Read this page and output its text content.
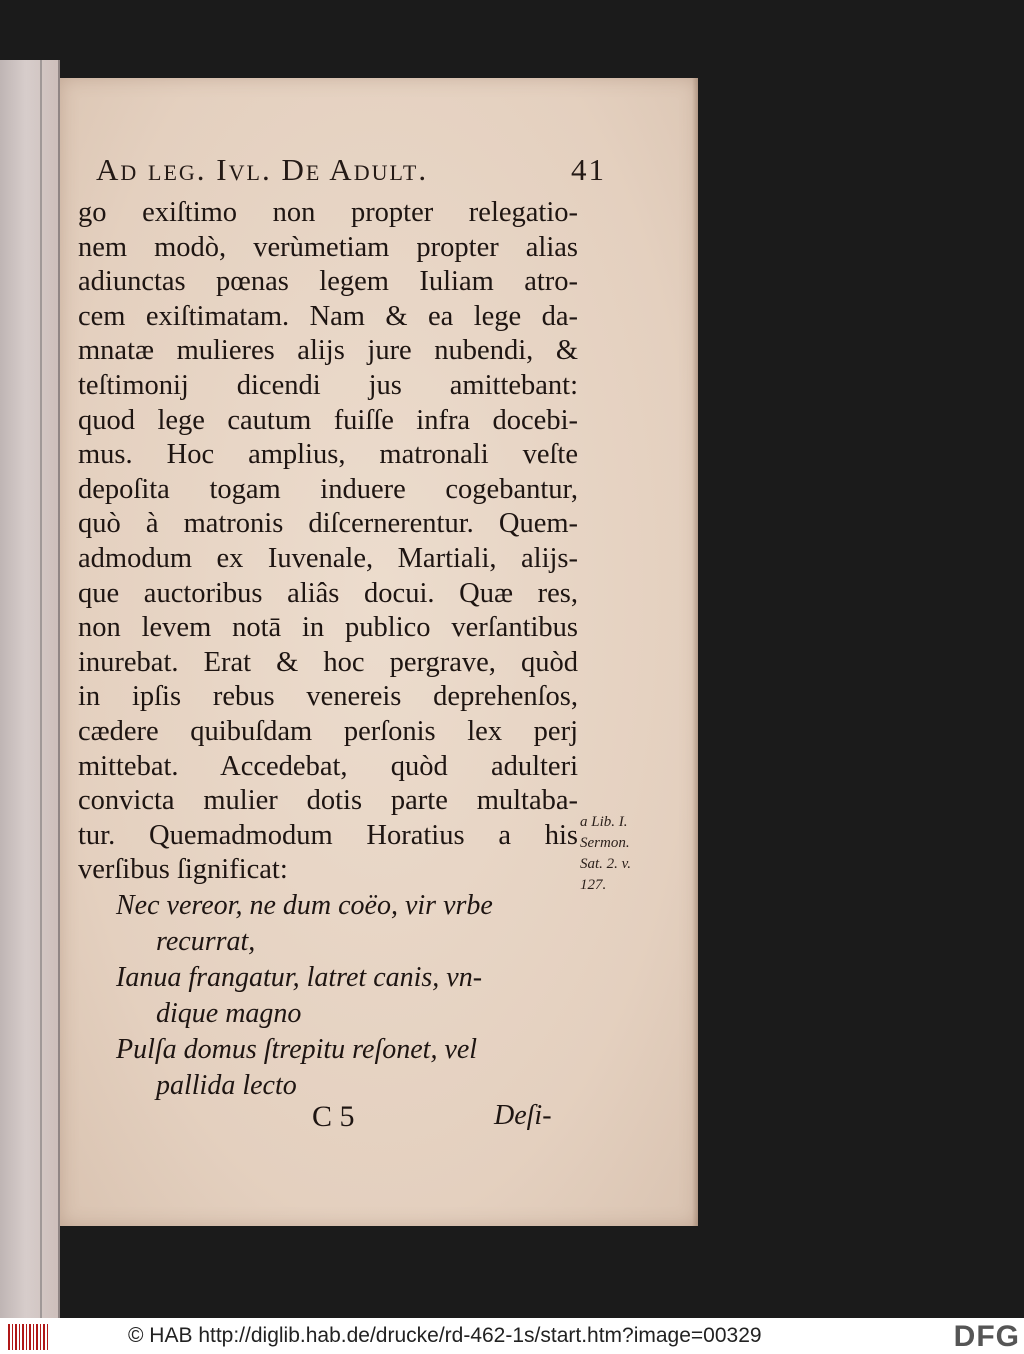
Ad leg. Ivl. De Adult.	41
go exiſtimo non propter relegatio-
nem modò, verùmetiam propter alias
adiunctas pœnas legem Iuliam atro-
cem exiſtimatam. Nam & ea lege da-
mnatæ mulieres alijs jure nubendi, &
teſtimonij dicendi jus amittebant:
quod lege cautum fuiſſe infra docebi-
mus. Hoc amplius, matronali veſte
depoſita togam induere cogebantur,
quò à matronis diſcernerentur. Quem-
admodum ex Iuvenale, Martiali, alijs-
que auctoribus aliâs docui. Quæ res,
non levem notā in publico verſantibus
inurebat. Erat & hoc pergrave, quòd
in ipſis rebus venereis deprehenſos,
cædere quibuſdam perſonis lex perj
mittebat. Accedebat, quòd adulteri
convicta mulier dotis parte multaba-
tur. Quemadmodum Horatius a his
verſibus ſignificat:
Nec vereor, ne dum coëo, vir vrbe
recurrat,
Ianua frangatur, latret canis, vn-
dique magno
Pulſa domus ſtrepitu reſonet, vel
pallida lecto
a Lib. I.
Sermon.
Sat. 2. v.
127.
C 5	Deſi-
© HAB http://diglib.hab.de/drucke/rd-462-1s/start.htm?image=00329	DFG
